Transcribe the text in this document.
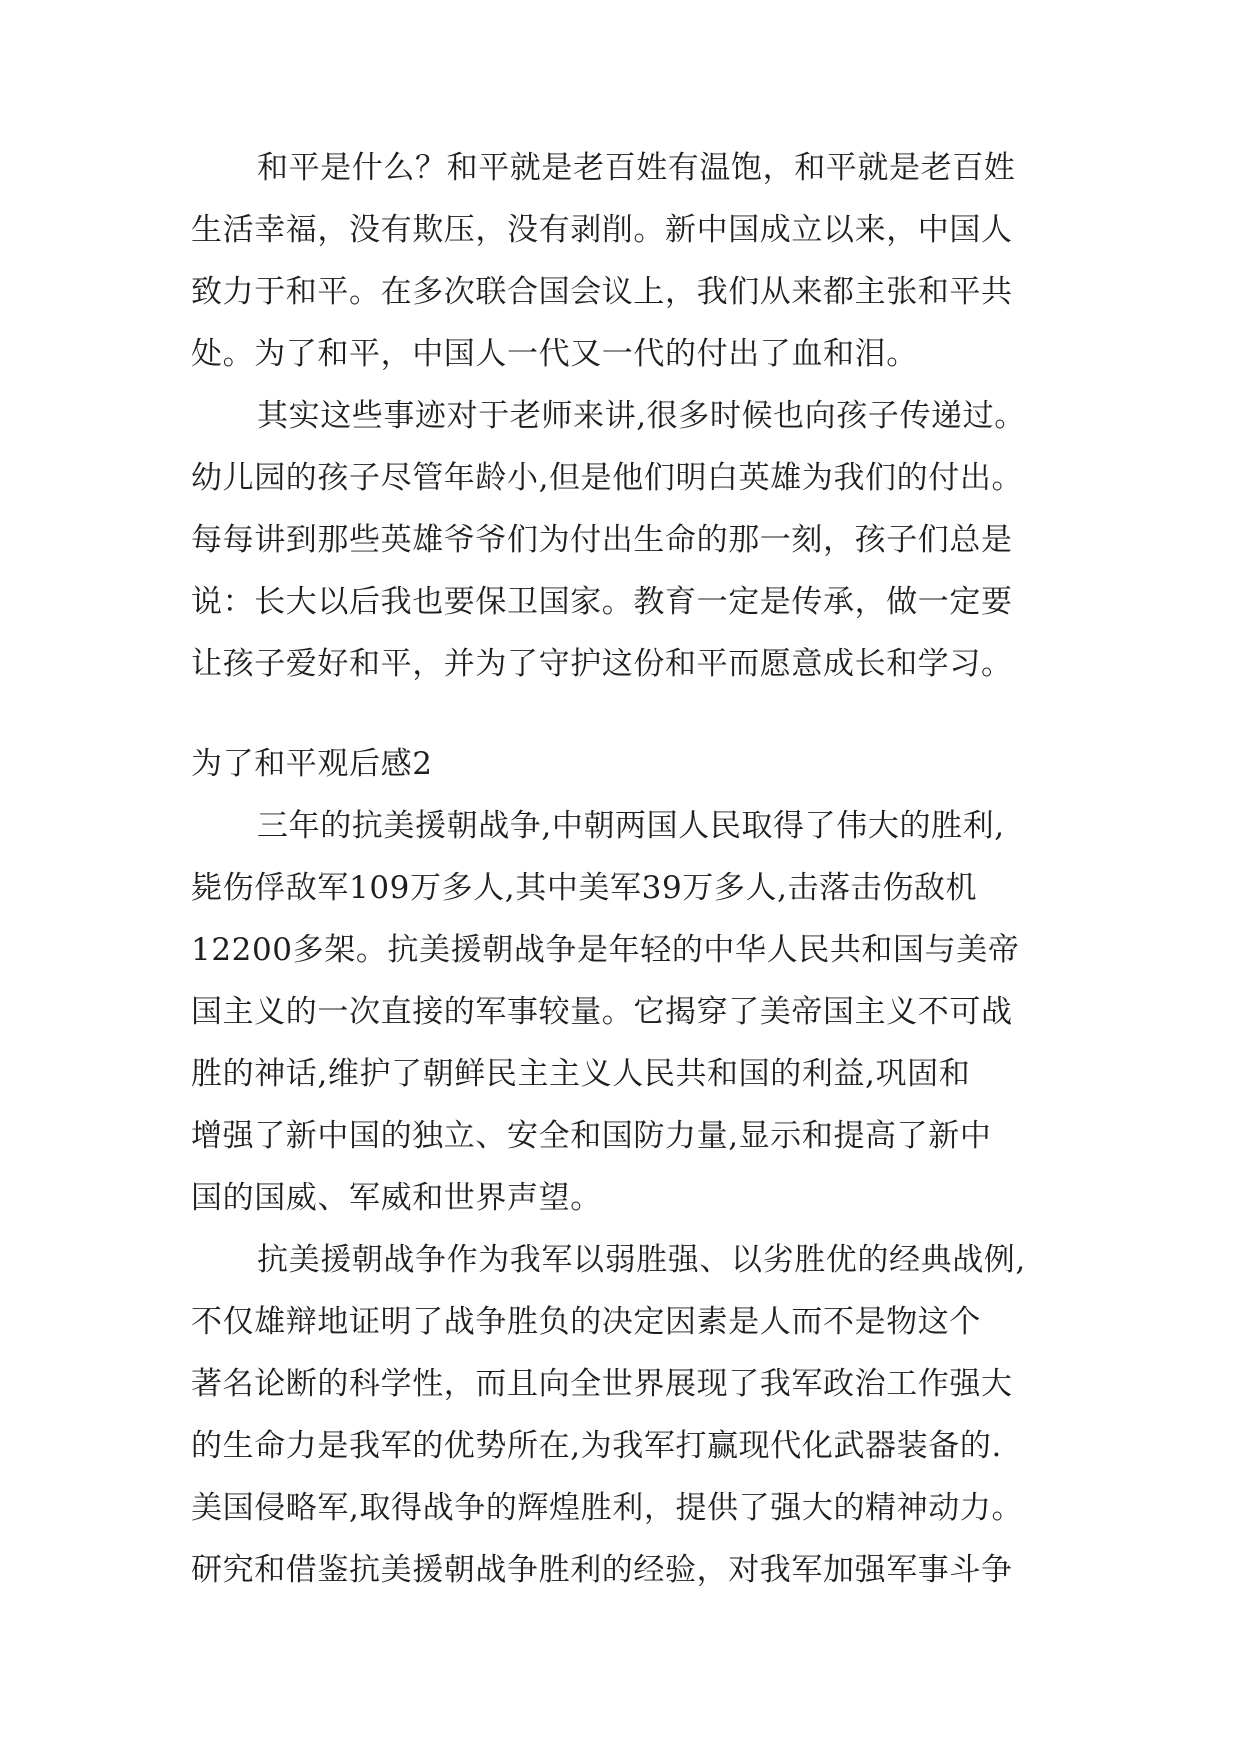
和平是什么？和平就是老百姓有温饱，和平就是老百姓
生活幸福，没有欺压，没有剥削。新中国成立以来，中国人
致力于和平。在多次联合国会议上，我们从来都主张和平共
处。为了和平，中国人一代又一代的付出了血和泪。
其实这些事迹对于老师来讲,很多时候也向孩子传递过。
幼儿园的孩子尽管年龄小,但是他们明白英雄为我们的付出。
每每讲到那些英雄爷爷们为付出生命的那一刻，孩子们总是
说：长大以后我也要保卫国家。教育一定是传承，做一定要
让孩子爱好和平，并为了守护这份和平而愿意成长和学习。
为了和平观后感2
三年的抗美援朝战争,中朝两国人民取得了伟大的胜利,
毙伤俘敌军109万多人,其中美军39万多人,击落击伤敌机
12200多架。抗美援朝战争是年轻的中华人民共和国与美帝
国主义的一次直接的军事较量。它揭穿了美帝国主义不可战
胜的神话,维护了朝鲜民主主义人民共和国的利益,巩固和
增强了新中国的独立、安全和国防力量,显示和提高了新中
国的国威、军威和世界声望。
抗美援朝战争作为我军以弱胜强、以劣胜优的经典战例,
不仅雄辩地证明了战争胜负的决定因素是人而不是物这个
著名论断的科学性，而且向全世界展现了我军政治工作强大
的生命力是我军的优势所在,为我军打赢现代化武器装备的.
美国侵略军,取得战争的辉煌胜利，提供了强大的精神动力。
研究和借鉴抗美援朝战争胜利的经验，对我军加强军事斗争
